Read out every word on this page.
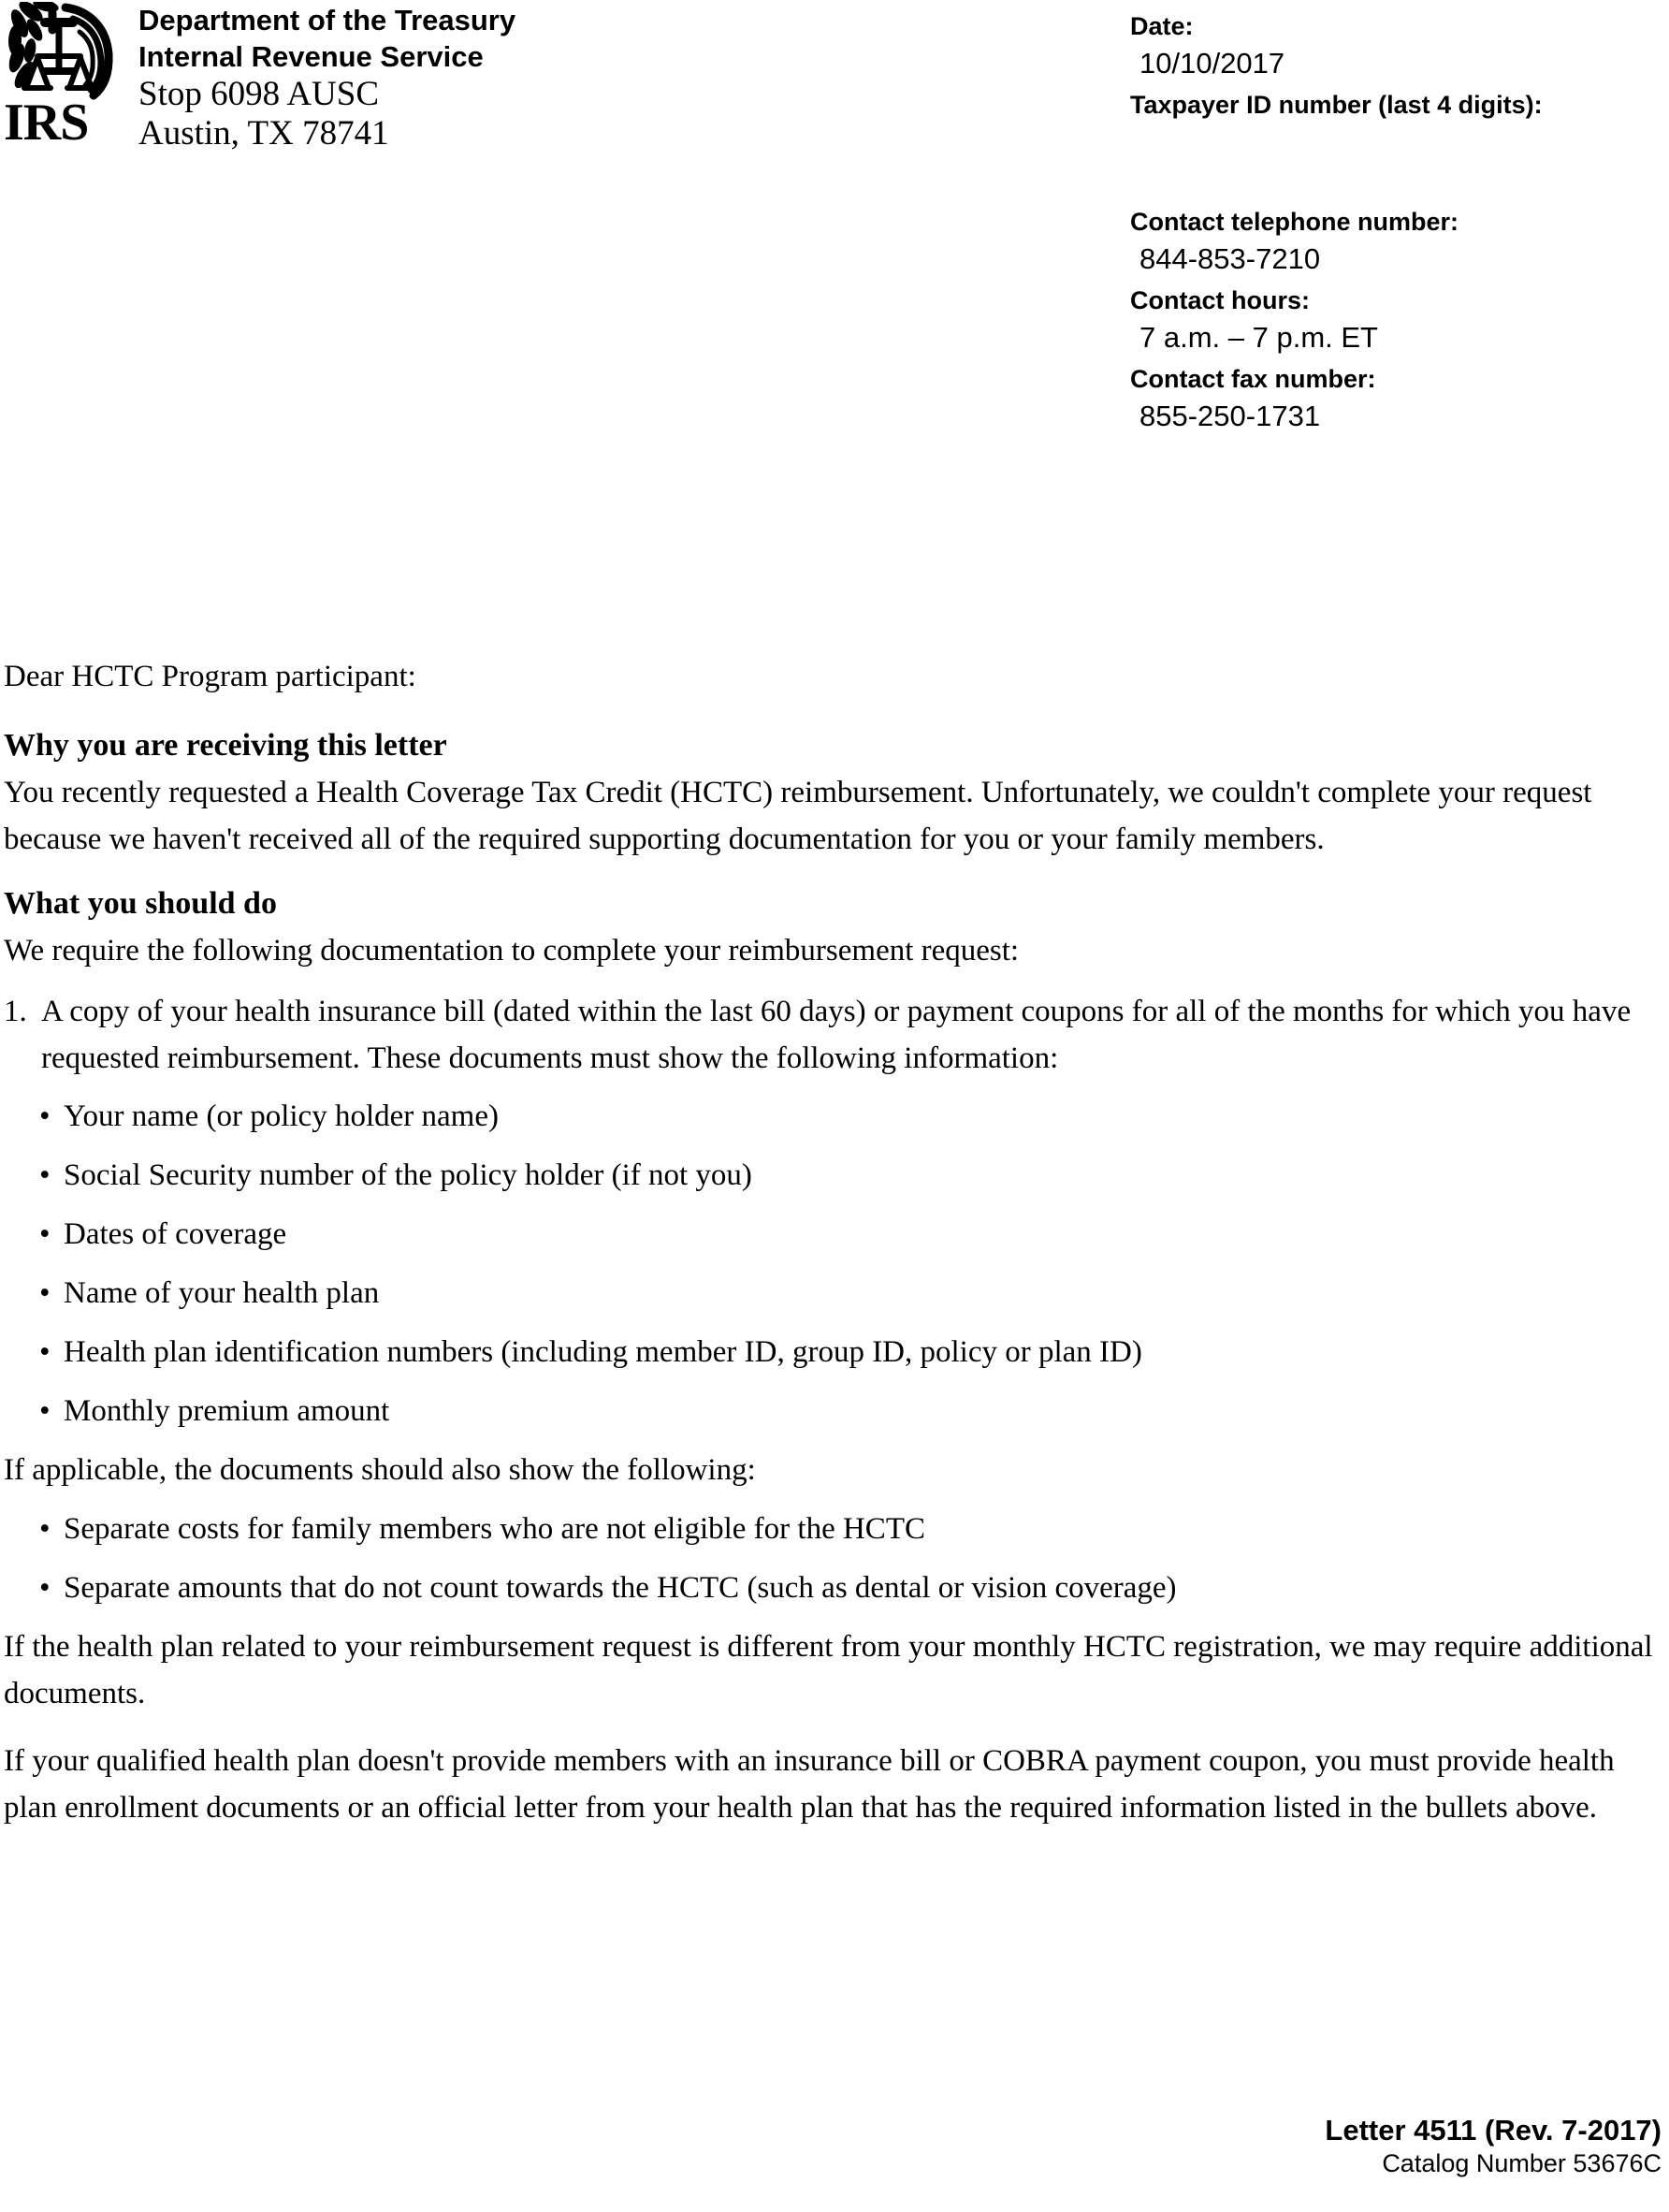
IRS
Department of the Treasury
Internal Revenue Service
Stop 6098 AUSC
Austin, TX 78741
Date:
10/10/2017
Taxpayer ID number (last 4 digits):
Contact telephone number:
844-853-7210
Contact hours:
7 a.m. – 7 p.m. ET
Contact fax number:
855-250-1731

Dear HCTC Program participant:

Why you are receiving this letter

You recently requested a Health Coverage Tax Credit (HCTC) reimbursement. Unfortunately, we couldn't complete your request because we haven't received all of the required supporting documentation for you or your family members.

What you should do

We require the following documentation to complete your reimbursement request:

1. A copy of your health insurance bill (dated within the last 60 days) or payment coupons for all of the months for which you have requested reimbursement. These documents must show the following information:

• Your name (or policy holder name)
• Social Security number of the policy holder (if not you)
• Dates of coverage
• Name of your health plan
• Health plan identification numbers (including member ID, group ID, policy or plan ID)
• Monthly premium amount

If applicable, the documents should also show the following:

• Separate costs for family members who are not eligible for the HCTC
• Separate amounts that do not count towards the HCTC (such as dental or vision coverage)

If the health plan related to your reimbursement request is different from your monthly HCTC registration, we may require additional documents.

If your qualified health plan doesn't provide members with an insurance bill or COBRA payment coupon, you must provide health plan enrollment documents or an official letter from your health plan that has the required information listed in the bullets above.

Letter 4511 (Rev. 7-2017)
Catalog Number 53676C
